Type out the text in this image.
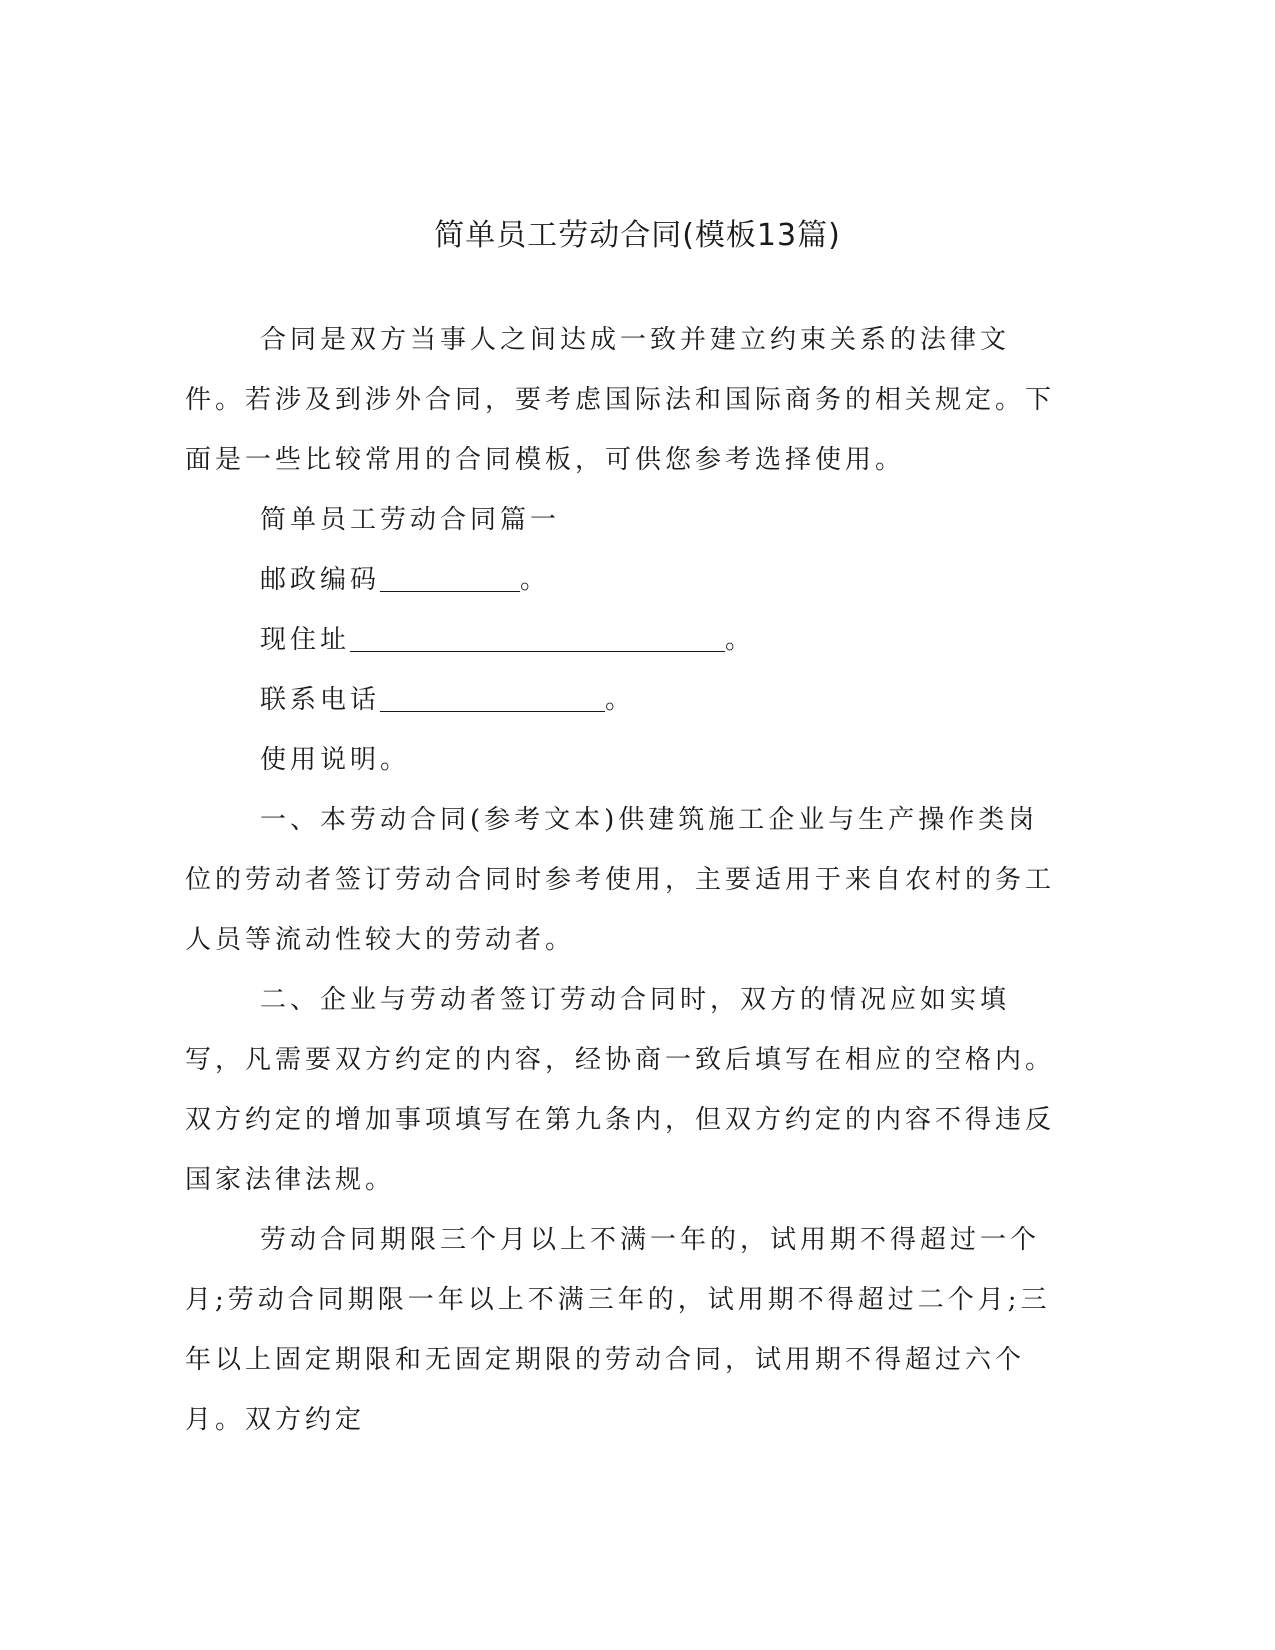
简单员工劳动合同(模板13篇)

合同是双方当事人之间达成一致并建立约束关系的法律文件。若涉及到涉外合同，要考虑国际法和国际商务的相关规定。下面是一些比较常用的合同模板，可供您参考选择使用。

简单员工劳动合同篇一

邮政编码	。

现住址	。

联系电话	。

使用说明。

一、本劳动合同(参考文本)供建筑施工企业与生产操作类岗位的劳动者签订劳动合同时参考使用，主要适用于来自农村的务工人员等流动性较大的劳动者。

二、企业与劳动者签订劳动合同时，双方的情况应如实填写，凡需要双方约定的内容，经协商一致后填写在相应的空格内。双方约定的增加事项填写在第九条内，但双方约定的内容不得违反国家法律法规。

劳动合同期限三个月以上不满一年的，试用期不得超过一个月;劳动合同期限一年以上不满三年的，试用期不得超过二个月;三年以上固定期限和无固定期限的劳动合同，试用期不得超过六个月。双方约定
